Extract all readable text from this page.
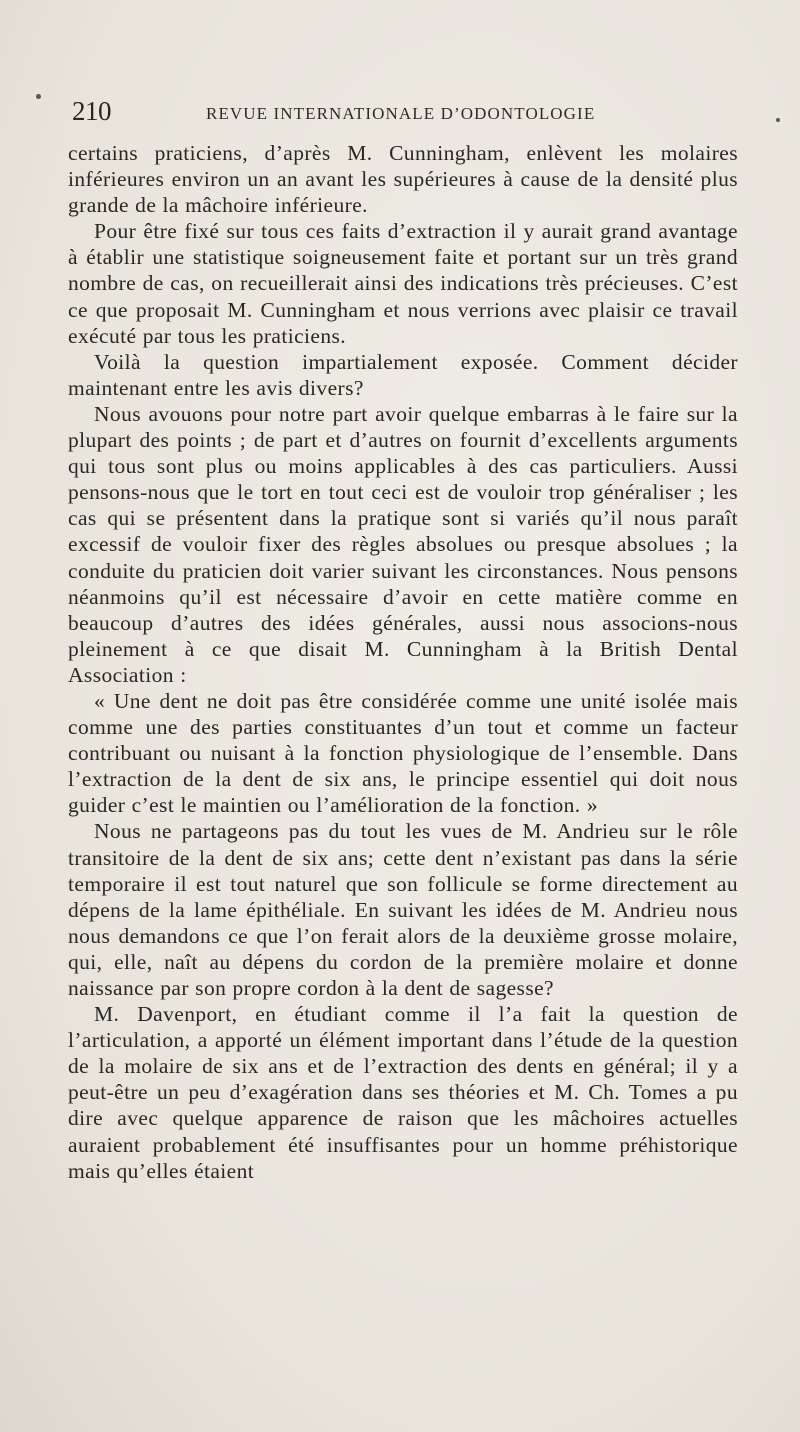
210	REVUE INTERNATIONALE D’ODONTOLOGIE

certains praticiens, d’après M. Cunningham, enlèvent les molaires inférieures environ un an avant les supérieures à cause de la densité plus grande de la mâchoire inférieure.

Pour être fixé sur tous ces faits d’extraction il y aurait grand avantage à établir une statistique soigneusement faite et portant sur un très grand nombre de cas, on recueillerait ainsi des indications très précieuses. C’est ce que proposait M. Cunningham et nous verrions avec plaisir ce travail exécuté par tous les praticiens.

Voilà la question impartialement exposée. Comment décider maintenant entre les avis divers?

Nous avouons pour notre part avoir quelque embarras à le faire sur la plupart des points ; de part et d’autres on fournit d’excellents arguments qui tous sont plus ou moins applicables à des cas particuliers. Aussi pensons-nous que le tort en tout ceci est de vouloir trop généraliser ; les cas qui se présentent dans la pratique sont si variés qu’il nous paraît excessif de vouloir fixer des règles absolues ou presque absolues ; la conduite du praticien doit varier suivant les circonstances. Nous pensons néanmoins qu’il est nécessaire d’avoir en cette matière comme en beaucoup d’autres des idées générales, aussi nous associons-nous pleinement à ce que disait M. Cunningham à la British Dental Association :

« Une dent ne doit pas être considérée comme une unité isolée mais comme une des parties constituantes d’un tout et comme un facteur contribuant ou nuisant à la fonction physiologique de l’ensemble. Dans l’extraction de la dent de six ans, le principe essentiel qui doit nous guider c’est le maintien ou l’amélioration de la fonction. »

Nous ne partageons pas du tout les vues de M. Andrieu sur le rôle transitoire de la dent de six ans; cette dent n’existant pas dans la série temporaire il est tout naturel que son follicule se forme directement au dépens de la lame épithéliale. En suivant les idées de M. Andrieu nous nous demandons ce que l’on ferait alors de la deuxième grosse molaire, qui, elle, naît au dépens du cordon de la première molaire et donne naissance par son propre cordon à la dent de sagesse?

M. Davenport, en étudiant comme il l’a fait la question de l’articulation, a apporté un élément important dans l’étude de la question de la molaire de six ans et de l’extraction des dents en général; il y a peut-être un peu d’exagération dans ses théories et M. Ch. Tomes a pu dire avec quelque apparence de raison que les mâchoires actuelles auraient probablement été insuffisantes pour un homme préhistorique mais qu’elles étaient
